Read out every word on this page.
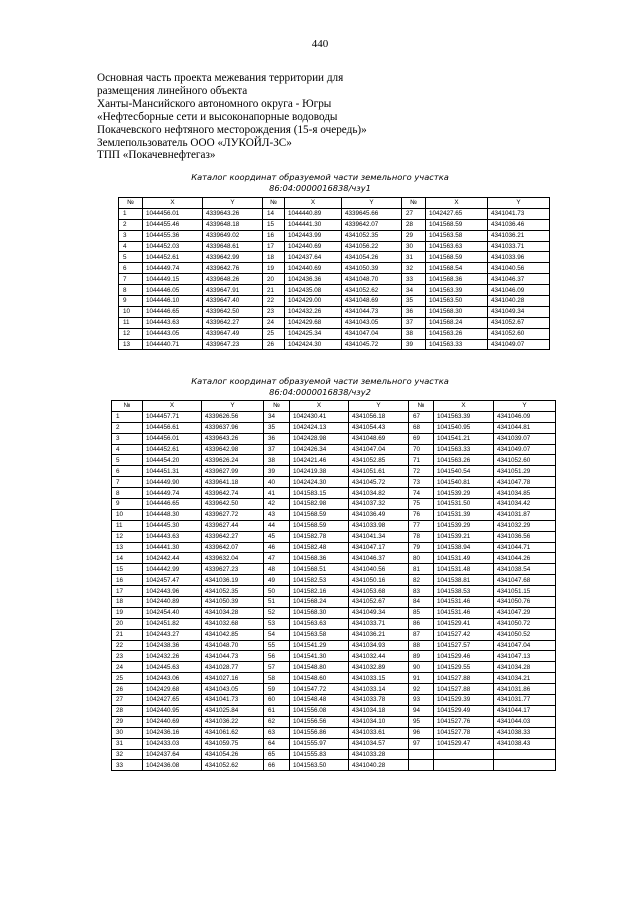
440
Основная часть проекта межевания территории для
размещения линейного объекта
Ханты-Мансийского автономного округа - Югры
«Нефтесборные сети и высоконапорные водоводы
Покачевского нефтяного месторождения (15-я очередь)»
Землепользователь ООО «ЛУКОЙЛ-ЗС»
ТПП «Покачевнефтегаз»
Каталог координат образуемой части земельного участка
86:04:0000016838/чзу1
№	X	Y	№	X	Y	№	X	Y
1	1044456.01	4339643.26	14	1044440.89	4339645.66	27	1042427.65	4341041.73
2	1044455.46	4339648.18	15	1044441.30	4339642.07	28	1041568.59	4341036.46
3	1044455.36	4339649.02	16	1042443.99	4341052.35	29	1041563.58	4341036.21
4	1044452.03	4339648.61	17	1042440.69	4341056.22	30	1041563.63	4341033.71
5	1044452.61	4339642.99	18	1042437.64	4341054.26	31	1041568.59	4341033.96
6	1044449.74	4339642.76	19	1042440.69	4341050.39	32	1041568.54	4341040.56
7	1044449.15	4339648.26	20	1042436.36	4341048.70	33	1041568.36	4341046.37
8	1044446.05	4339647.91	21	1042435.08	4341052.62	34	1041563.39	4341046.09
9	1044446.10	4339647.40	22	1042429.00	4341048.69	35	1041563.50	4341040.28
10	1044446.65	4339642.50	23	1042432.26	4341044.73	36	1041568.30	4341049.34
11	1044443.63	4339642.27	24	1042429.68	4341043.05	37	1041568.24	4341052.67
12	1044443.05	4339647.49	25	1042425.34	4341047.04	38	1041563.26	4341052.60
13	1044440.71	4339647.23	26	1042424.30	4341045.72	39	1041563.33	4341049.07
Каталог координат образуемой части земельного участка
86:04:0000016838/чзу2
№	X	Y	№	X	Y	№	X	Y
1	1044457.71	4339626.56	34	1042430.41	4341056.18	67	1041563.39	4341046.09
2	1044456.61	4339637.96	35	1042424.13	4341054.43	68	1041540.95	4341044.81
3	1044456.01	4339643.26	36	1042428.98	4341048.69	69	1041541.21	4341039.07
4	1044452.61	4339642.98	37	1042426.34	4341047.04	70	1041563.33	4341049.07
5	1044454.20	4339626.24	38	1042421.46	4341052.85	71	1041563.26	4341052.60
6	1044451.31	4339627.99	39	1042419.38	4341051.61	72	1041540.54	4341051.29
7	1044449.90	4339641.18	40	1042424.30	4341045.72	73	1041540.81	4341047.78
8	1044449.74	4339642.74	41	1041583.15	4341034.82	74	1041539.29	4341034.85
9	1044446.65	4339642.50	42	1041582.98	4341037.32	75	1041531.50	4341034.42
10	1044448.30	4339627.72	43	1041568.59	4341036.49	76	1041531.39	4341031.87
11	1044445.30	4339627.44	44	1041568.59	4341033.98	77	1041539.29	4341032.29
12	1044443.63	4339642.27	45	1041582.78	4341041.34	78	1041539.21	4341036.56
13	1044441.30	4339642.07	46	1041582.48	4341047.17	79	1041538.94	4341044.71
14	1042442.44	4339632.04	47	1041568.36	4341046.37	80	1041531.49	4341044.26
15	1044442.99	4339627.23	48	1041568.51	4341040.56	81	1041531.48	4341038.54
16	1042457.47	4341036.19	49	1041582.53	4341050.16	82	1041538.81	4341047.68
17	1042443.96	4341052.35	50	1041582.16	4341053.68	83	1041538.53	4341051.15
18	1042440.89	4341050.39	51	1041568.24	4341052.67	84	1041531.46	4341050.76
19	1042454.40	4341034.28	52	1041568.30	4341049.34	85	1041531.46	4341047.29
20	1042451.82	4341032.68	53	1041563.63	4341033.71	86	1041529.41	4341050.72
21	1042443.27	4341042.85	54	1041563.58	4341036.21	87	1041527.42	4341050.52
22	1042438.36	4341048.70	55	1041541.29	4341034.93	88	1041527.57	4341047.04
23	1042432.26	4341044.73	56	1041541.30	4341032.44	89	1041529.46	4341047.13
24	1042445.63	4341028.77	57	1041548.80	4341032.89	90	1041529.55	4341034.28
25	1042443.06	4341027.16	58	1041548.60	4341033.15	91	1041527.88	4341034.21
26	1042429.68	4341043.05	59	1041547.72	4341033.14	92	1041527.88	4341031.86
27	1042427.65	4341041.73	60	1041548.48	4341033.78	93	1041529.39	4341031.77
28	1042440.95	4341025.84	61	1041556.08	4341034.18	94	1041529.49	4341044.17
29	1042440.69	4341036.22	62	1041556.56	4341034.10	95	1041527.76	4341044.03
30	1042436.16	4341061.62	63	1041556.86	4341033.61	96	1041527.78	4341038.33
31	1042433.03	4341059.75	64	1041555.97	4341034.57	97	1041529.47	4341038.43
32	1042437.64	4341054.26	65	1041555.83	4341033.28			
33	1042436.08	4341052.62	66	1041563.50	4341040.28			
